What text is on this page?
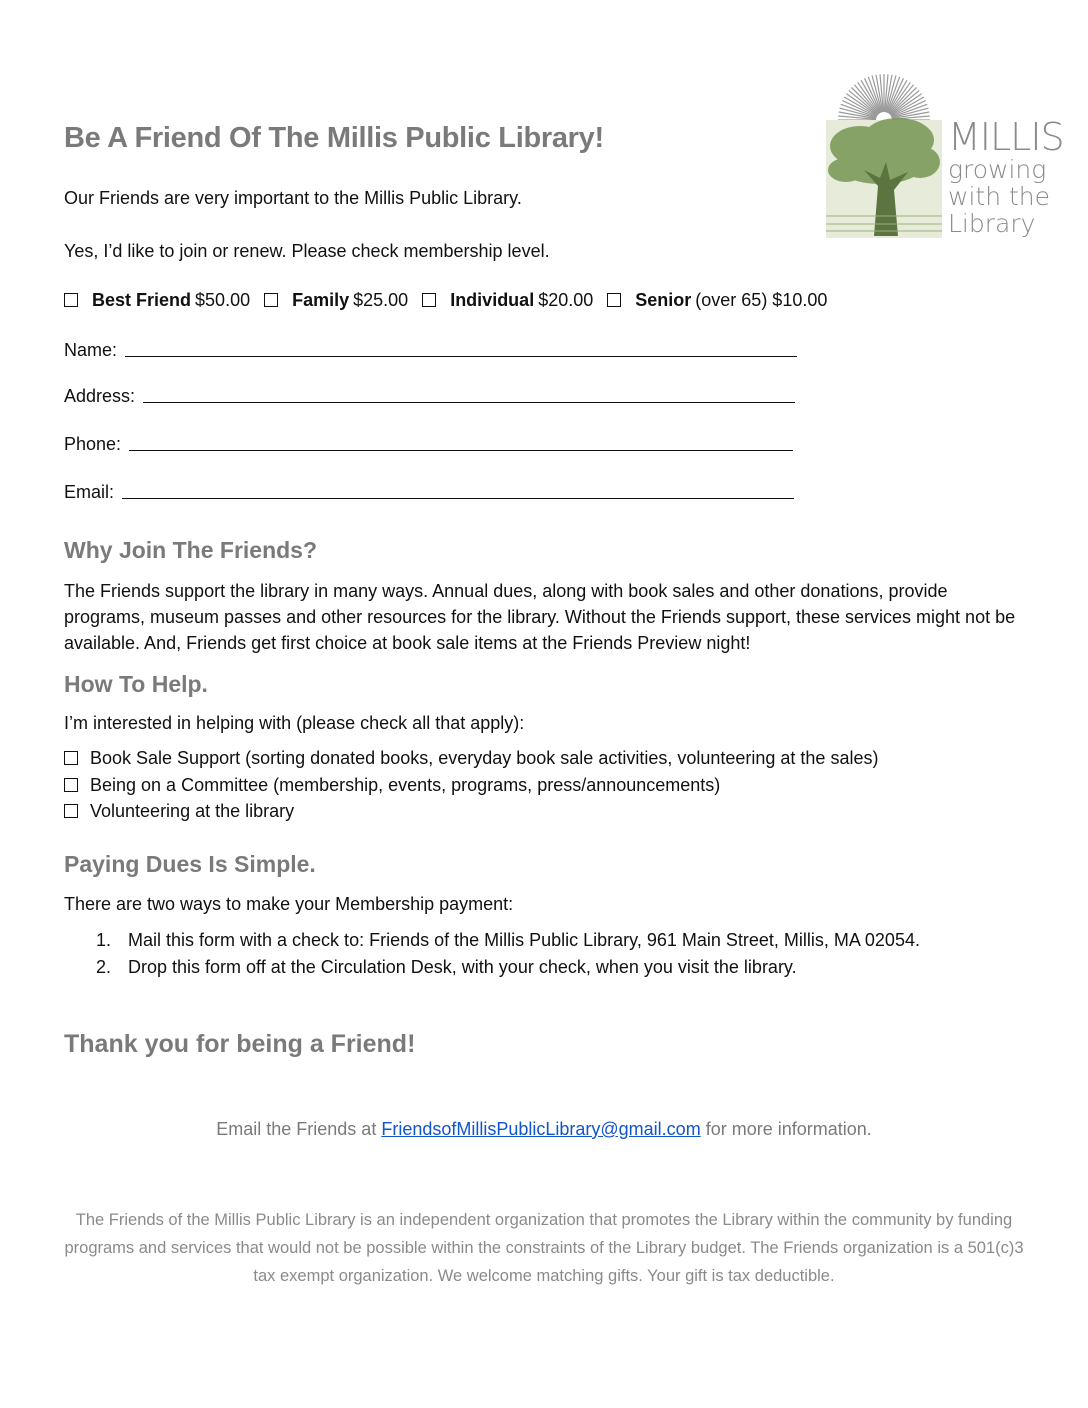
MILLIS
growing
with the
Library
Be A Friend Of The Millis Public Library!

Our Friends are very important to the Millis Public Library.

Yes, I’d like to join or renew. Please check membership level.

Best Friend $50.00 Family $25.00 Individual $20.00 Senior (over 65) $10.00
Name:
Address:
Phone:
Email:
Why Join The Friends?

The Friends support the library in many ways. Annual dues, along with book sales and other donations, provide programs, museum passes and other resources for the library. Without the Friends support, these services might not be available. And, Friends get first choice at book sale items at the Friends Preview night!

How To Help.

I’m interested in helping with (please check all that apply):

Book Sale Support (sorting donated books, everyday book sale activities, volunteering at the sales)
Being on a Committee (membership, events, programs, press/announcements)
Volunteering at the library
Paying Dues Is Simple.

There are two ways to make your Membership payment:

1. Mail this form with a check to: Friends of the Millis Public Library, 961 Main Street, Millis, MA 02054.
2. Drop this form off at the Circulation Desk, with your check, when you visit the library.
Thank you for being a Friend!
Email the Friends at FriendsofMillisPublicLibrary@gmail.com for more information.

The Friends of the Millis Public Library is an independent organization that promotes the Library within the community by funding programs and services that would not be possible within the constraints of the Library budget. The Friends organization is a 501(c)3 tax exempt organization. We welcome matching gifts. Your gift is tax deductible.
